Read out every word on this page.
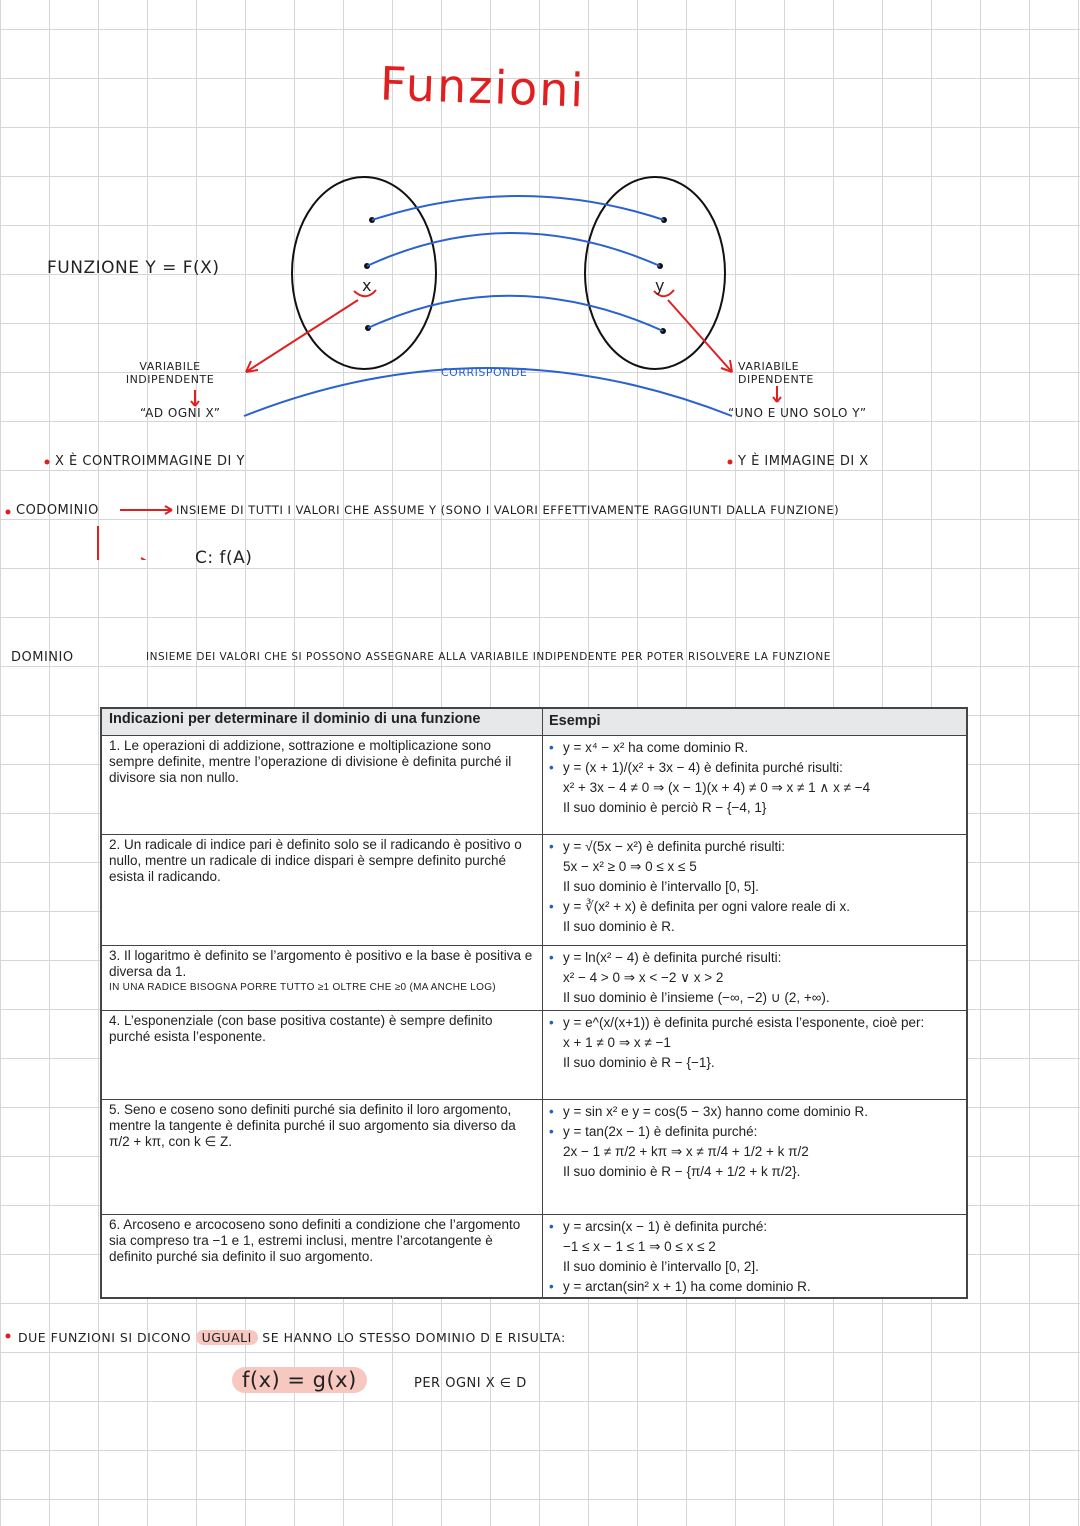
Funzioni
FUNZIONE Y = F(X)
x	y
CORRISPONDE
VARIABILE
INDIPENDENTE
“AD OGNI X”
VARIABILE
DIPENDENTE
“UNO E UNO SOLO Y”
X È CONTROIMMAGINE DI Y	Y È IMMAGINE DI X
CODOMINIO	INSIEME DI TUTTI I VALORI CHE ASSUME Y (SONO I VALORI EFFETTIVAMENTE RAGGIUNTI DALLA FUNZIONE)
C: f(A)
DOMINIO	INSIEME DEI VALORI CHE SI POSSONO ASSEGNARE ALLA VARIABILE INDIPENDENTE PER POTER RISOLVERE LA FUNZIONE
Indicazioni per determinare il dominio di una funzione	Esempi
1. Le operazioni di addizione, sottrazione e moltiplicazione sono sempre definite, mentre l’operazione di divisione è definita purché il divisore sia non nullo.
• y = x⁴ − x² ha come dominio R.
• y = (x + 1)/(x² + 3x − 4) è definita purché risulti:
x² + 3x − 4 ≠ 0 ⇒ (x − 1)(x + 4) ≠ 0 ⇒ x ≠ 1 ∧ x ≠ −4
Il suo dominio è perciò R − {−4, 1}
2. Un radicale di indice pari è definito solo se il radicando è positivo o nullo, mentre un radicale di indice dispari è sempre definito purché esista il radicando.
• y = √(5x − x²) è definita purché risulti:
5x − x² ≥ 0 ⇒ 0 ≤ x ≤ 5
Il suo dominio è l’intervallo [0, 5].
• y = ∛(x² + x) è definita per ogni valore reale di x.
Il suo dominio è R.
3. Il logaritmo è definito se l’argomento è positivo e la base è positiva e diversa da 1.
IN UNA RADICE BISOGNA PORRE TUTTO ≥1 OLTRE CHE ≥0 (MA ANCHE LOG)
• y = ln(x² − 4) è definita purché risulti:
x² − 4 > 0 ⇒ x < −2 ∨ x > 2
Il suo dominio è l’insieme (−∞, −2) ∪ (2, +∞).
4. L’esponenziale (con base positiva costante) è sempre definito purché esista l’esponente.
• y = e^(x/(x+1)) è definita purché esista l’esponente, cioè per:
x + 1 ≠ 0 ⇒ x ≠ −1
Il suo dominio è R − {−1}.
5. Seno e coseno sono definiti purché sia definito il loro argomento, mentre la tangente è definita purché il suo argomento sia diverso da π/2 + kπ, con k ∈ Z.
• y = sin x² e y = cos(5 − 3x) hanno come dominio R.
• y = tan(2x − 1) è definita purché:
2x − 1 ≠ π/2 + kπ ⇒ x ≠ π/4 + 1/2 + k π/2
Il suo dominio è R − {π/4 + 1/2 + k π/2}.
6. Arcoseno e arcocoseno sono definiti a condizione che l’argomento sia compreso tra −1 e 1, estremi inclusi, mentre l’arcotangente è definito purché sia definito il suo argomento.
• y = arcsin(x − 1) è definita purché:
−1 ≤ x − 1 ≤ 1 ⇒ 0 ≤ x ≤ 2
Il suo dominio è l’intervallo [0, 2].
• y = arctan(sin² x + 1) ha come dominio R.
DUE FUNZIONI SI DICONO UGUALI SE HANNO LO STESSO DOMINIO D E RISULTA:
f(x) = g(x)	PER OGNI X ∈ D
